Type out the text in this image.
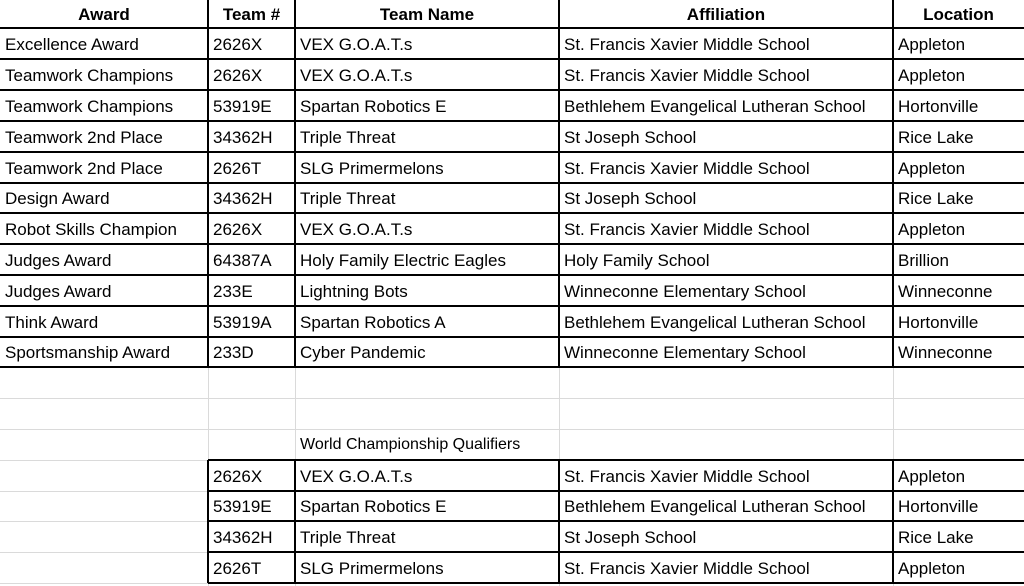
Award	Team #	Team Name	Affiliation	Location
Excellence Award	2626X	VEX G.O.A.T.s	St. Francis Xavier Middle School	Appleton
Teamwork Champions	2626X	VEX G.O.A.T.s	St. Francis Xavier Middle School	Appleton
Teamwork Champions	53919E	Spartan Robotics E	Bethlehem Evangelical Lutheran School	Hortonville
Teamwork 2nd Place	34362H	Triple Threat	St Joseph School	Rice Lake
Teamwork 2nd Place	2626T	SLG Primermelons	St. Francis Xavier Middle School	Appleton
Design Award	34362H	Triple Threat	St Joseph School	Rice Lake
Robot Skills Champion	2626X	VEX G.O.A.T.s	St. Francis Xavier Middle School	Appleton
Judges Award	64387A	Holy Family Electric Eagles	Holy Family School	Brillion
Judges Award	233E	Lightning Bots	Winneconne Elementary School	Winneconne
Think Award	53919A	Spartan Robotics A	Bethlehem Evangelical Lutheran School	Hortonville
Sportsmanship Award	233D	Cyber Pandemic	Winneconne Elementary School	Winneconne
World Championship Qualifiers
2626X	VEX G.O.A.T.s	St. Francis Xavier Middle School	Appleton
53919E	Spartan Robotics E	Bethlehem Evangelical Lutheran School	Hortonville
34362H	Triple Threat	St Joseph School	Rice Lake
2626T	SLG Primermelons	St. Francis Xavier Middle School	Appleton
